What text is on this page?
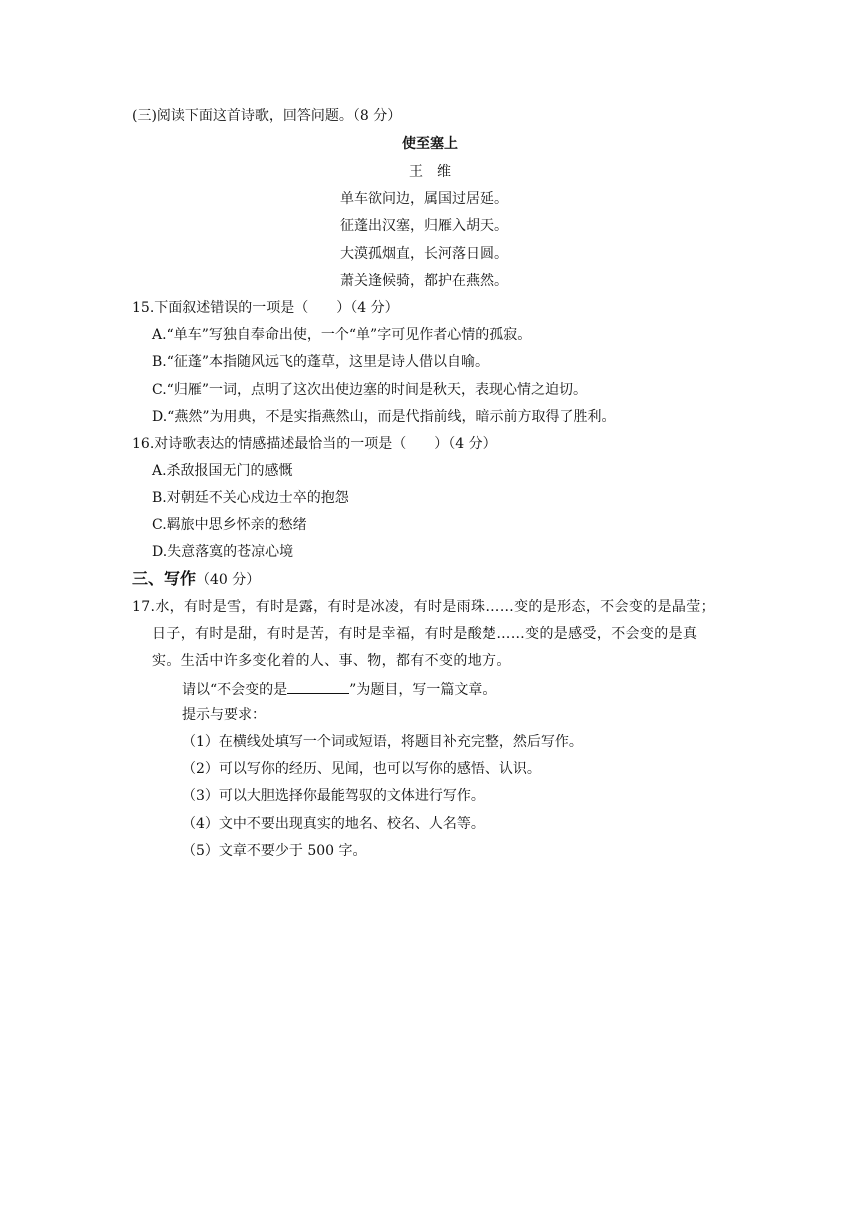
(三)阅读下面这首诗歌，回答问题。（8 分）
使至塞上
王　维
单车欲问边，属国过居延。
征蓬出汉塞，归雁入胡天。
大漠孤烟直，长河落日圆。
萧关逢候骑，都护在燕然。
15.下面叙述错误的一项是（　　）（4 分）
A.“单车”写独自奉命出使，一个“单”字可见作者心情的孤寂。
B.“征蓬”本指随风远飞的蓬草，这里是诗人借以自喻。
C.“归雁”一词，点明了这次出使边塞的时间是秋天，表现心情之迫切。
D.“燕然”为用典，不是实指燕然山，而是代指前线，暗示前方取得了胜利。
16.对诗歌表达的情感描述最恰当的一项是（　　）（4 分）
A.杀敌报国无门的感慨
B.对朝廷不关心戍边士卒的抱怨
C.羁旅中思乡怀亲的愁绪
D.失意落寞的苍凉心境
三、写作（40 分）
17.水，有时是雪，有时是露，有时是冰凌，有时是雨珠……变的是形态，不会变的是晶莹；
日子，有时是甜，有时是苦，有时是幸福，有时是酸楚……变的是感受，不会变的是真
实。生活中许多变化着的人、事、物，都有不变的地方。
请以“不会变的是	”为题目，写一篇文章。
提示与要求：
（1）在横线处填写一个词或短语，将题目补充完整，然后写作。
（2）可以写你的经历、见闻，也可以写你的感悟、认识。
（3）可以大胆选择你最能驾驭的文体进行写作。
（4）文中不要出现真实的地名、校名、人名等。
（5）文章不要少于 500 字。
